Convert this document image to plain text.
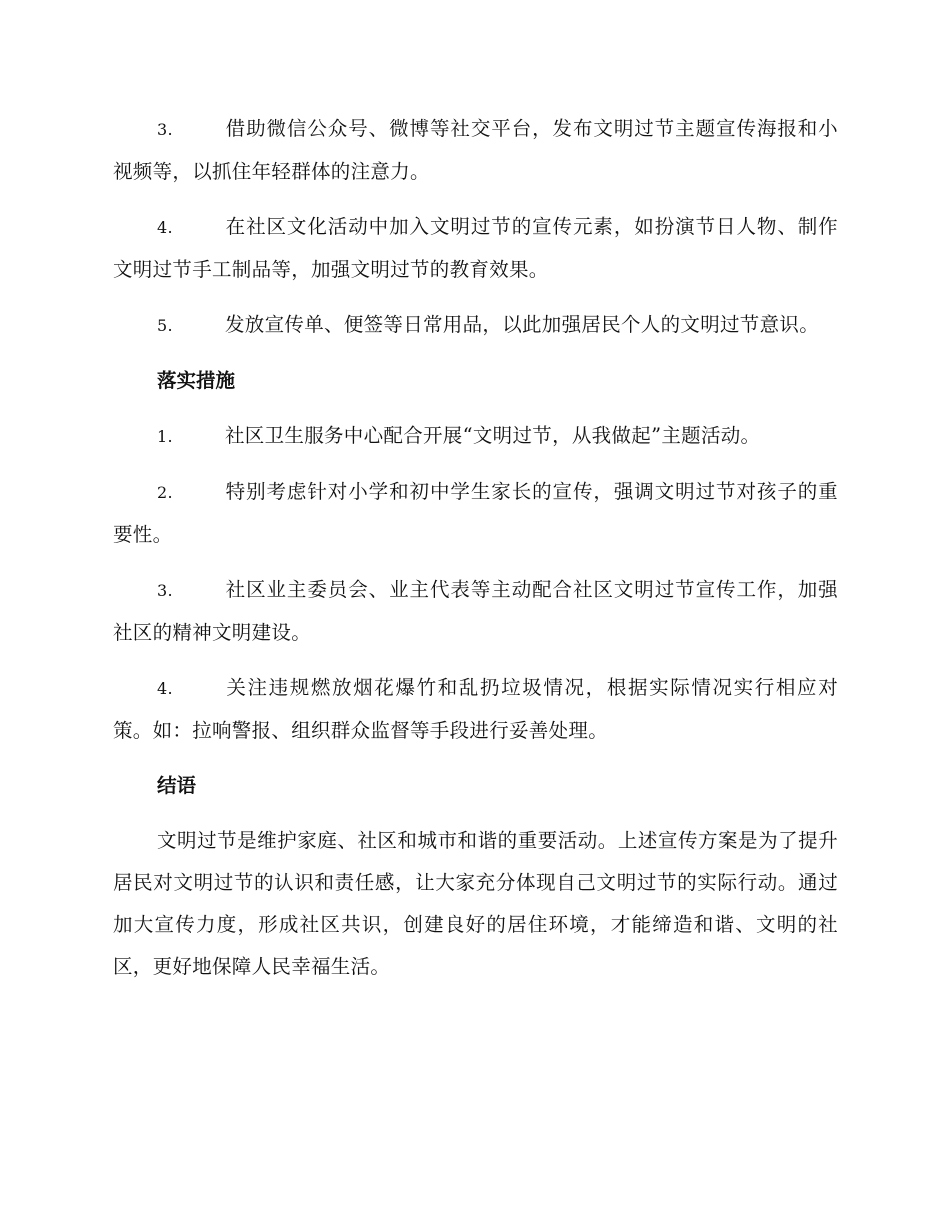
3.	借助微信公众号、微博等社交平台，发布文明过节主题宣传海报和小视频等，以抓住年轻群体的注意力。

4.	在社区文化活动中加入文明过节的宣传元素，如扮演节日人物、制作文明过节手工制品等，加强文明过节的教育效果。

5.	发放宣传单、便签等日常用品，以此加强居民个人的文明过节意识。

落实措施

1.	社区卫生服务中心配合开展“文明过节，从我做起”主题活动。

2.	特别考虑针对小学和初中学生家长的宣传，强调文明过节对孩子的重要性。

3.	社区业主委员会、业主代表等主动配合社区文明过节宣传工作，加强社区的精神文明建设。

4.	关注违规燃放烟花爆竹和乱扔垃圾情况，根据实际情况实行相应对策。如：拉响警报、组织群众监督等手段进行妥善处理。

结语

文明过节是维护家庭、社区和城市和谐的重要活动。上述宣传方案是为了提升居民对文明过节的认识和责任感，让大家充分体现自己文明过节的实际行动。通过加大宣传力度，形成社区共识，创建良好的居住环境，才能缔造和谐、文明的社区，更好地保障人民幸福生活。
